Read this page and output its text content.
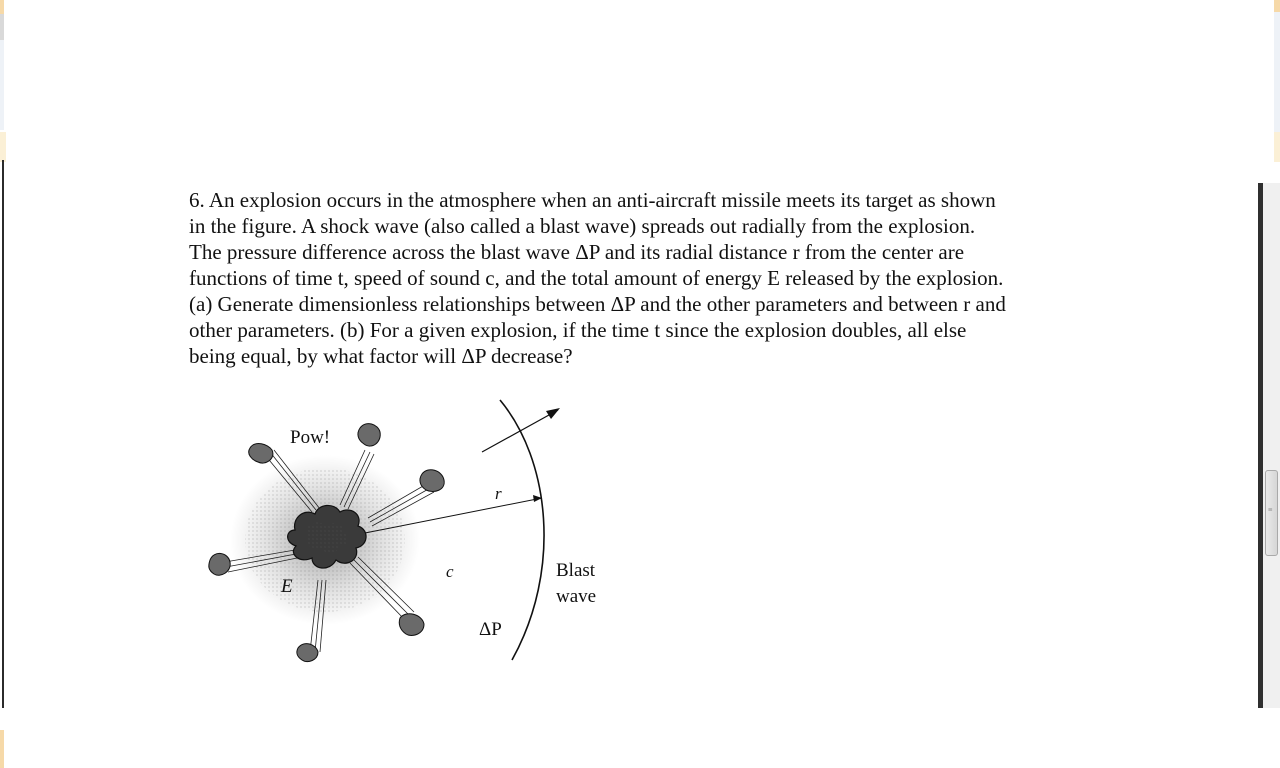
≡
6. An explosion occurs in the atmosphere when an anti-aircraft missile meets its target as shown
in the figure. A shock wave (also called a blast wave) spreads out radially from the explosion.
The pressure difference across the blast wave ΔP and its radial distance r from the center are
functions of time t, speed of sound c, and the total amount of energy E released by the explosion.
(a) Generate dimensionless relationships between ΔP and the other parameters and between r and
other parameters. (b) For a given explosion, if the time t since the explosion doubles, all else
being equal, by what factor will ΔP decrease?
Pow!
r
c
E
ΔP
Blast
wave
